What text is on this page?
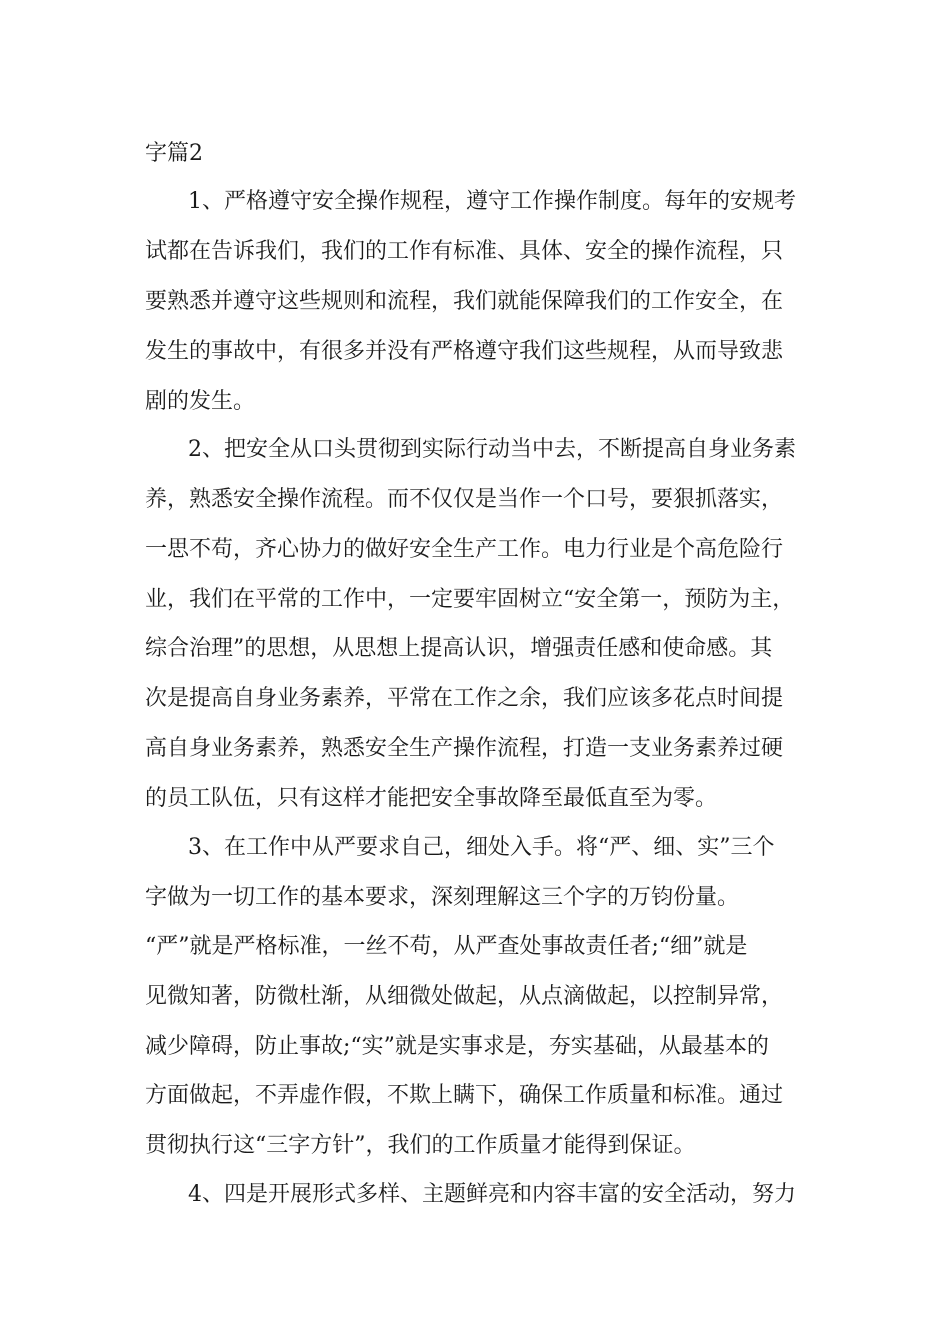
字篇2

1、严格遵守安全操作规程，遵守工作操作制度。每年的安规考

试都在告诉我们，我们的工作有标准、具体、安全的操作流程，只

要熟悉并遵守这些规则和流程，我们就能保障我们的工作安全，在

发生的事故中，有很多并没有严格遵守我们这些规程，从而导致悲

剧的发生。

2、把安全从口头贯彻到实际行动当中去，不断提高自身业务素

养，熟悉安全操作流程。而不仅仅是当作一个口号，要狠抓落实，

一思不苟，齐心协力的做好安全生产工作。电力行业是个高危险行

业，我们在平常的工作中，一定要牢固树立“安全第一，预防为主，

综合治理”的思想，从思想上提高认识，增强责任感和使命感。其

次是提高自身业务素养，平常在工作之余，我们应该多花点时间提

高自身业务素养，熟悉安全生产操作流程，打造一支业务素养过硬

的员工队伍，只有这样才能把安全事故降至最低直至为零。

3、在工作中从严要求自己，细处入手。将“严、细、实”三个

字做为一切工作的基本要求，深刻理解这三个字的万钧份量。

“严”就是严格标准，一丝不苟，从严查处事故责任者;“细”就是

见微知著，防微杜渐，从细微处做起，从点滴做起，以控制异常，

减少障碍，防止事故;“实”就是实事求是，夯实基础，从最基本的

方面做起，不弄虚作假，不欺上瞒下，确保工作质量和标准。通过

贯彻执行这“三字方针”，我们的工作质量才能得到保证。

4、四是开展形式多样、主题鲜亮和内容丰富的安全活动，努力
